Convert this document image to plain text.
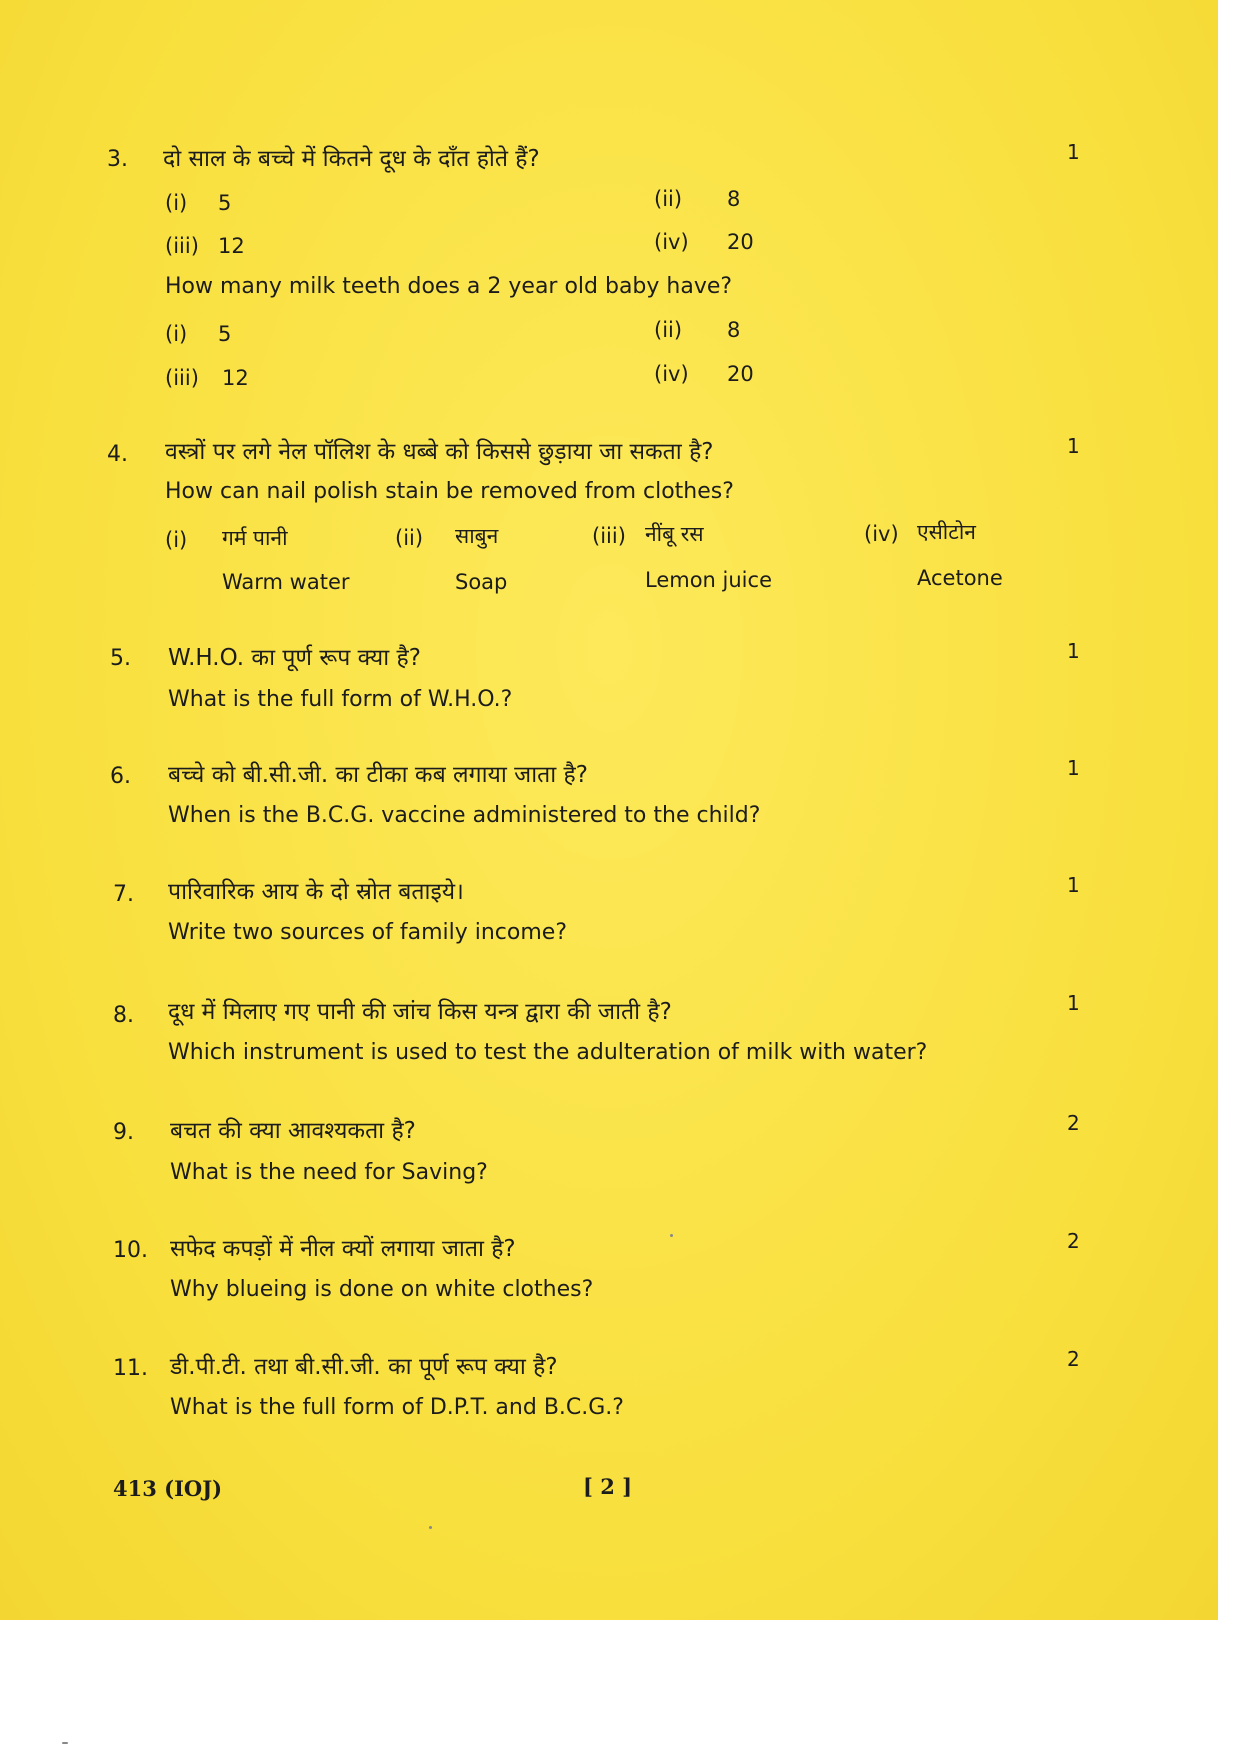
3. दो साल के बच्चे में कितने दूध के दाँत होते हैं?	1
(i) 5	(ii) 8
(iii) 12	(iv) 20
How many milk teeth does a 2 year old baby have?
(i) 5	(ii) 8
(iii) 12	(iv) 20
4. वस्त्रों पर लगे नेल पॉलिश के धब्बे को किससे छुड़ाया जा सकता है?	1
How can nail polish stain be removed from clothes?
(i) गर्म पानी
Warm water
(ii) साबुन
Soap
(iii) नींबू रस
Lemon juice
(iv) एसीटोन
Acetone
5. W.H.O. का पूर्ण रूप क्या है?	1
What is the full form of W.H.O.?
6. बच्चे को बी.सी.जी. का टीका कब लगाया जाता है?	1
When is the B.C.G. vaccine administered to the child?
7. पारिवारिक आय के दो स्रोत बताइये।	1
Write two sources of family income?
8. दूध में मिलाए गए पानी की जांच किस यन्त्र द्वारा की जाती है?	1
Which instrument is used to test the adulteration of milk with water?
9. बचत की क्या आवश्यकता है?	2
What is the need for Saving?
10. सफेद कपड़ों में नील क्यों लगाया जाता है?	2
Why blueing is done on white clothes?
11. डी.पी.टी. तथा बी.सी.जी. का पूर्ण रूप क्या है?	2
What is the full form of D.P.T. and B.C.G.?
413 (IOJ)	[ 2 ]
